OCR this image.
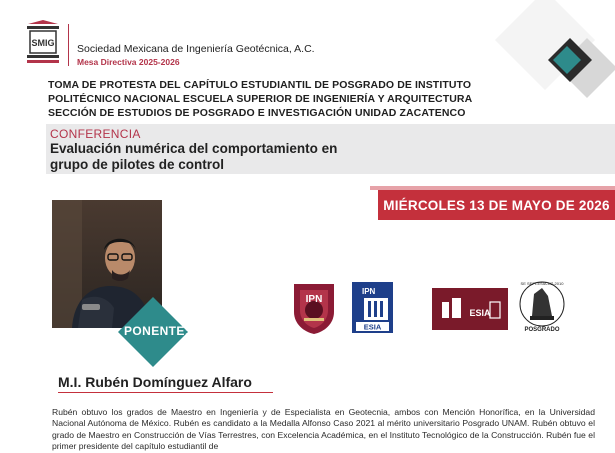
SMIG Sociedad Mexicana de Ingeniería Geotécnica, A.C.
Mesa Directiva 2025-2026
TOMA DE PROTESTA DEL CAPÍTULO ESTUDIANTIL DE POSGRADO DE INSTITUTO
POLITÉCNICO NACIONAL ESCUELA SUPERIOR DE INGENIERÍA Y ARQUITECTURA
SECCIÓN DE ESTUDIOS DE POSGRADO E INVESTIGACIÓN UNIDAD ZACATENCO
CONFERENCIA
Evaluación numérica del comportamiento en
grupo de pilotes de control
MIÉRCOLES 13 DE MAYO DE 2026
PONENTE:
IPN
IPN
ESIA
ESIA
SE SEPI-ESIA-UZ-2010
POSGRADO
M.I. Rubén Domínguez Alfaro
Rubén obtuvo los grados de Maestro en Ingeniería y de Especialista en Geotecnia, ambos con Mención Honorífica, en la Universidad Nacional Autónoma de México. Rubén es candidato a la Medalla Alfonso Caso 2021 al mérito universitario Posgrado UNAM. Rubén obtuvo el grado de Maestro en Construcción de Vías Terrestres, con Excelencia Académica, en el Instituto Tecnológico de la Construcción. Rubén fue el primer presidente del capítulo estudiantil de
